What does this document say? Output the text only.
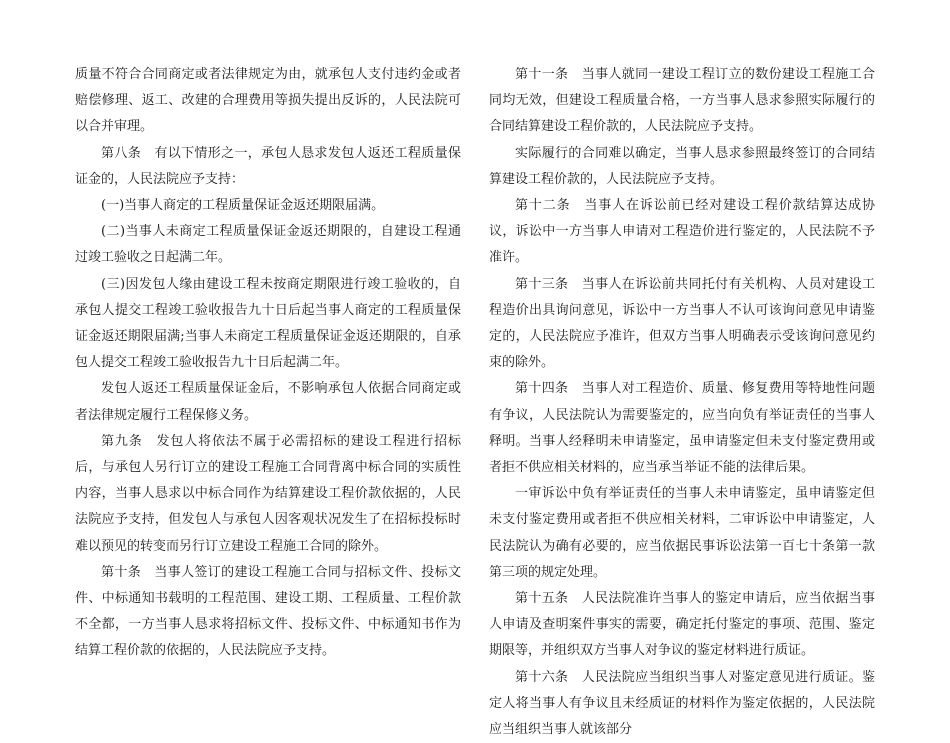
质量不符合合同商定或者法律规定为由，就承包人支付违约金或者赔偿修理、返工、改建的合理费用等损失提出反诉的，人民法院可以合并审理。

第八条　有以下情形之一，承包人恳求发包人返还工程质量保证金的，人民法院应予支持：

(一)当事人商定的工程质量保证金返还期限届满。

(二)当事人未商定工程质量保证金返还期限的，自建设工程通过竣工验收之日起满二年。

(三)因发包人缘由建设工程未按商定期限进行竣工验收的，自承包人提交工程竣工验收报告九十日后起当事人商定的工程质量保证金返还期限届满;当事人未商定工程质量保证金返还期限的，自承包人提交工程竣工验收报告九十日后起满二年。

发包人返还工程质量保证金后，不影响承包人依据合同商定或者法律规定履行工程保修义务。

第九条　发包人将依法不属于必需招标的建设工程进行招标后，与承包人另行订立的建设工程施工合同背离中标合同的实质性内容，当事人恳求以中标合同作为结算建设工程价款依据的，人民法院应予支持，但发包人与承包人因客观状况发生了在招标投标时难以预见的转变而另行订立建设工程施工合同的除外。

第十条　当事人签订的建设工程施工合同与招标文件、投标文件、中标通知书载明的工程范围、建设工期、工程质量、工程价款不全都，一方当事人恳求将招标文件、投标文件、中标通知书作为结算工程价款的依据的，人民法院应予支持。

第十一条　当事人就同一建设工程订立的数份建设工程施工合同均无效，但建设工程质量合格，一方当事人恳求参照实际履行的合同结算建设工程价款的，人民法院应予支持。

实际履行的合同难以确定，当事人恳求参照最终签订的合同结算建设工程价款的，人民法院应予支持。

第十二条　当事人在诉讼前已经对建设工程价款结算达成协议，诉讼中一方当事人申请对工程造价进行鉴定的，人民法院不予准许。

第十三条　当事人在诉讼前共同托付有关机构、人员对建设工程造价出具询问意见，诉讼中一方当事人不认可该询问意见申请鉴定的，人民法院应予准许，但双方当事人明确表示受该询问意见约束的除外。

第十四条　当事人对工程造价、质量、修复费用等特地性问题有争议，人民法院认为需要鉴定的，应当向负有举证责任的当事人释明。当事人经释明未申请鉴定，虽申请鉴定但未支付鉴定费用或者拒不供应相关材料的，应当承当举证不能的法律后果。

一审诉讼中负有举证责任的当事人未申请鉴定，虽申请鉴定但未支付鉴定费用或者拒不供应相关材料，二审诉讼中申请鉴定，人民法院认为确有必要的，应当依据民事诉讼法第一百七十条第一款第三项的规定处理。

第十五条　人民法院准许当事人的鉴定申请后，应当依据当事人申请及查明案件事实的需要，确定托付鉴定的事项、范围、鉴定期限等，并组织双方当事人对争议的鉴定材料进行质证。

第十六条　人民法院应当组织当事人对鉴定意见进行质证。鉴定人将当事人有争议且未经质证的材料作为鉴定依据的，人民法院应当组织当事人就该部分
